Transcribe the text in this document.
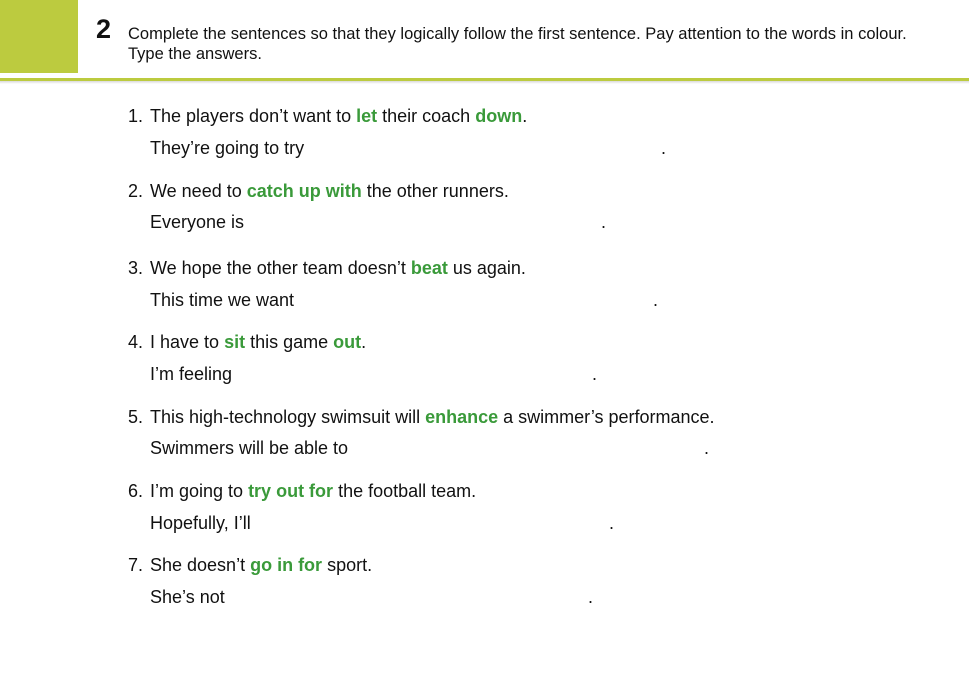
2 Complete the sentences so that they logically follow the first sentence. Pay attention to the words in colour. Type the answers.
1. The players don’t want to let their coach down.
They’re going to try	.
2. We need to catch up with the other runners.
Everyone is	.
3. We hope the other team doesn’t beat us again.
This time we want	.
4. I have to sit this game out.
I’m feeling	.
5. This high-technology swimsuit will enhance a swimmer’s performance.
Swimmers will be able to	.
6. I’m going to try out for the football team.
Hopefully, I’ll	.
7. She doesn’t go in for sport.
She’s not	.
